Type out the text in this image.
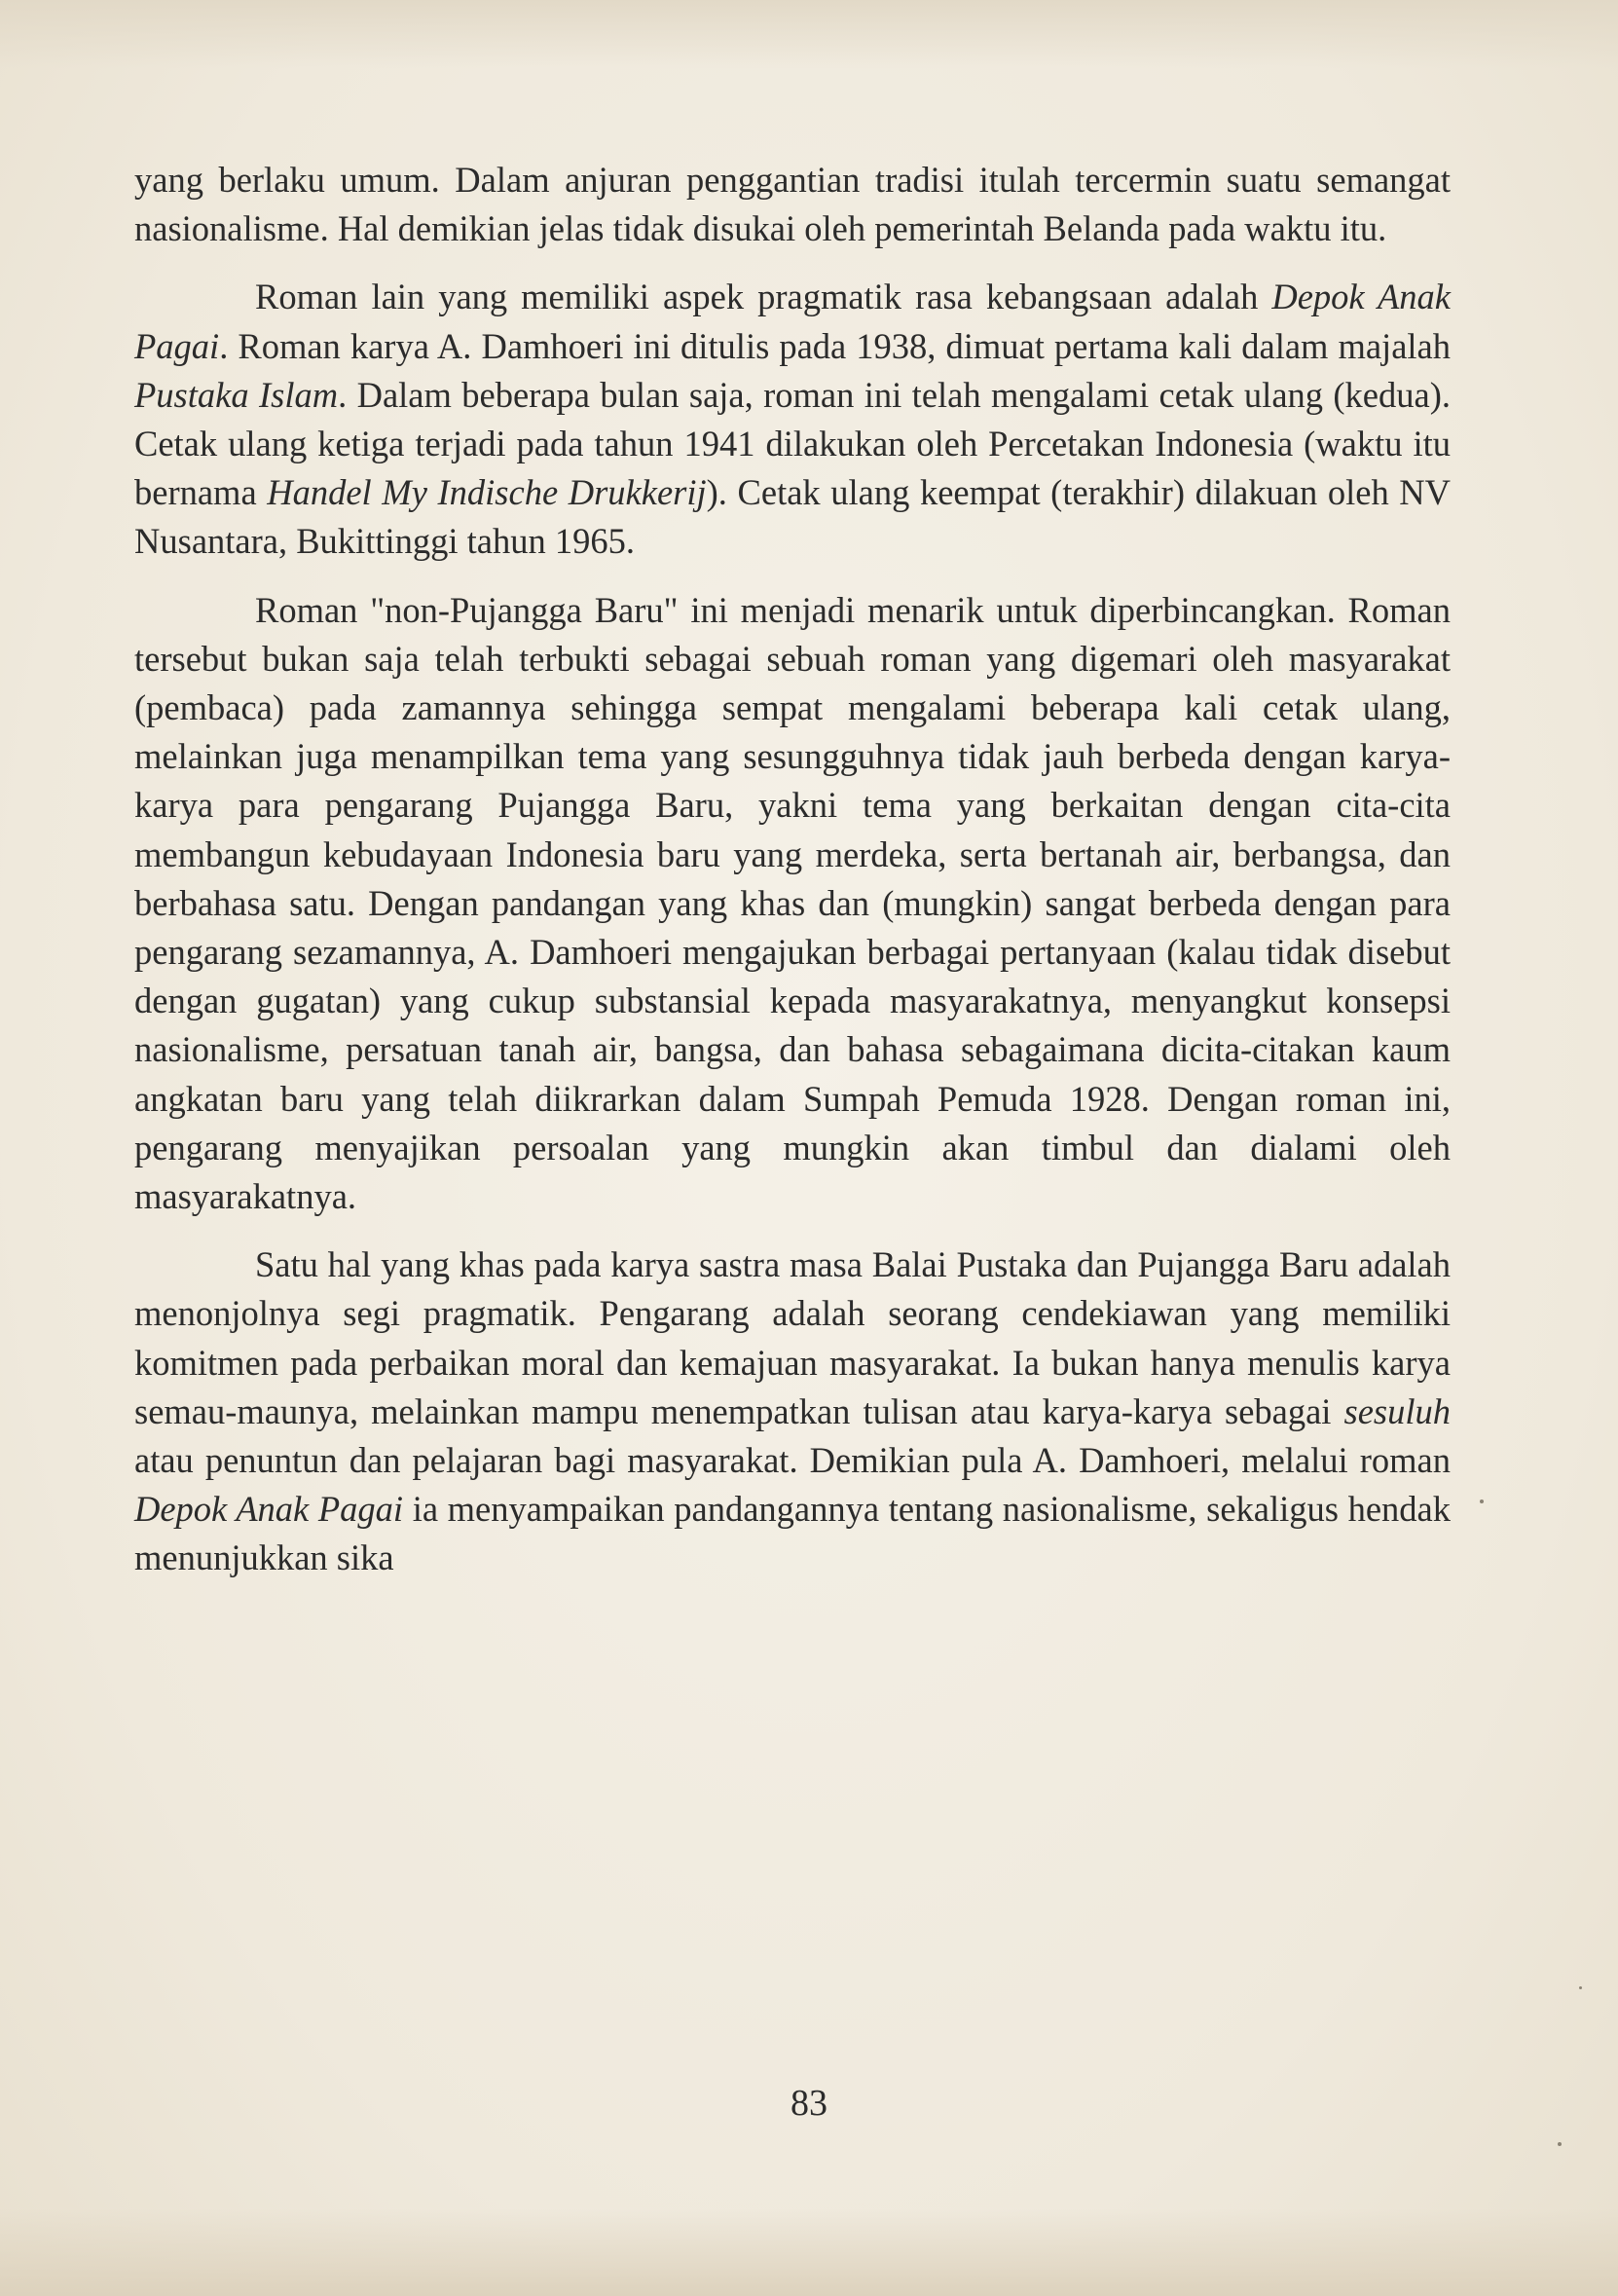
yang berlaku umum. Dalam anjuran penggantian tradisi itulah tercermin suatu semangat nasionalisme. Hal demikian jelas tidak disukai oleh pemerintah Belanda pada waktu itu.

Roman lain yang memiliki aspek pragmatik rasa kebangsaan adalah Depok Anak Pagai. Roman karya A. Damhoeri ini ditulis pada 1938, dimuat pertama kali dalam majalah Pustaka Islam. Dalam beberapa bulan saja, roman ini telah mengalami cetak ulang (kedua). Cetak ulang ketiga terjadi pada tahun 1941 dilakukan oleh Percetakan Indonesia (waktu itu bernama Handel My Indische Drukkerij). Cetak ulang keempat (terakhir) dilakuan oleh NV Nusantara, Bukittinggi tahun 1965.

Roman "non-Pujangga Baru" ini menjadi menarik untuk diperbincangkan. Roman tersebut bukan saja telah terbukti sebagai sebuah roman yang digemari oleh masyarakat (pembaca) pada zamannya sehingga sempat mengalami beberapa kali cetak ulang, melainkan juga menampilkan tema yang sesungguhnya tidak jauh berbeda dengan karya-karya para pengarang Pujangga Baru, yakni tema yang berkaitan dengan cita-cita membangun kebudayaan Indonesia baru yang merdeka, serta bertanah air, berbangsa, dan berbahasa satu. Dengan pandangan yang khas dan (mungkin) sangat berbeda dengan para pengarang sezamannya, A. Damhoeri mengajukan berbagai pertanyaan (kalau tidak disebut dengan gugatan) yang cukup substansial kepada masyarakatnya, menyangkut konsepsi nasionalisme, persatuan tanah air, bangsa, dan bahasa sebagaimana dicita-citakan kaum angkatan baru yang telah diikrarkan dalam Sumpah Pemuda 1928. Dengan roman ini, pengarang menyajikan persoalan yang mungkin akan timbul dan dialami oleh masyarakatnya.

Satu hal yang khas pada karya sastra masa Balai Pustaka dan Pujangga Baru adalah menonjolnya segi pragmatik. Pengarang adalah seorang cendekiawan yang memiliki komitmen pada perbaikan moral dan kemajuan masyarakat. Ia bukan hanya menulis karya semau-maunya, melainkan mampu menempatkan tulisan atau karya-karya sebagai sesuluh atau penuntun dan pelajaran bagi masyarakat. Demikian pula A. Damhoeri, melalui roman Depok Anak Pagai ia menyampaikan pandangannya tentang nasionalisme, sekaligus hendak menunjukkan sika

83
